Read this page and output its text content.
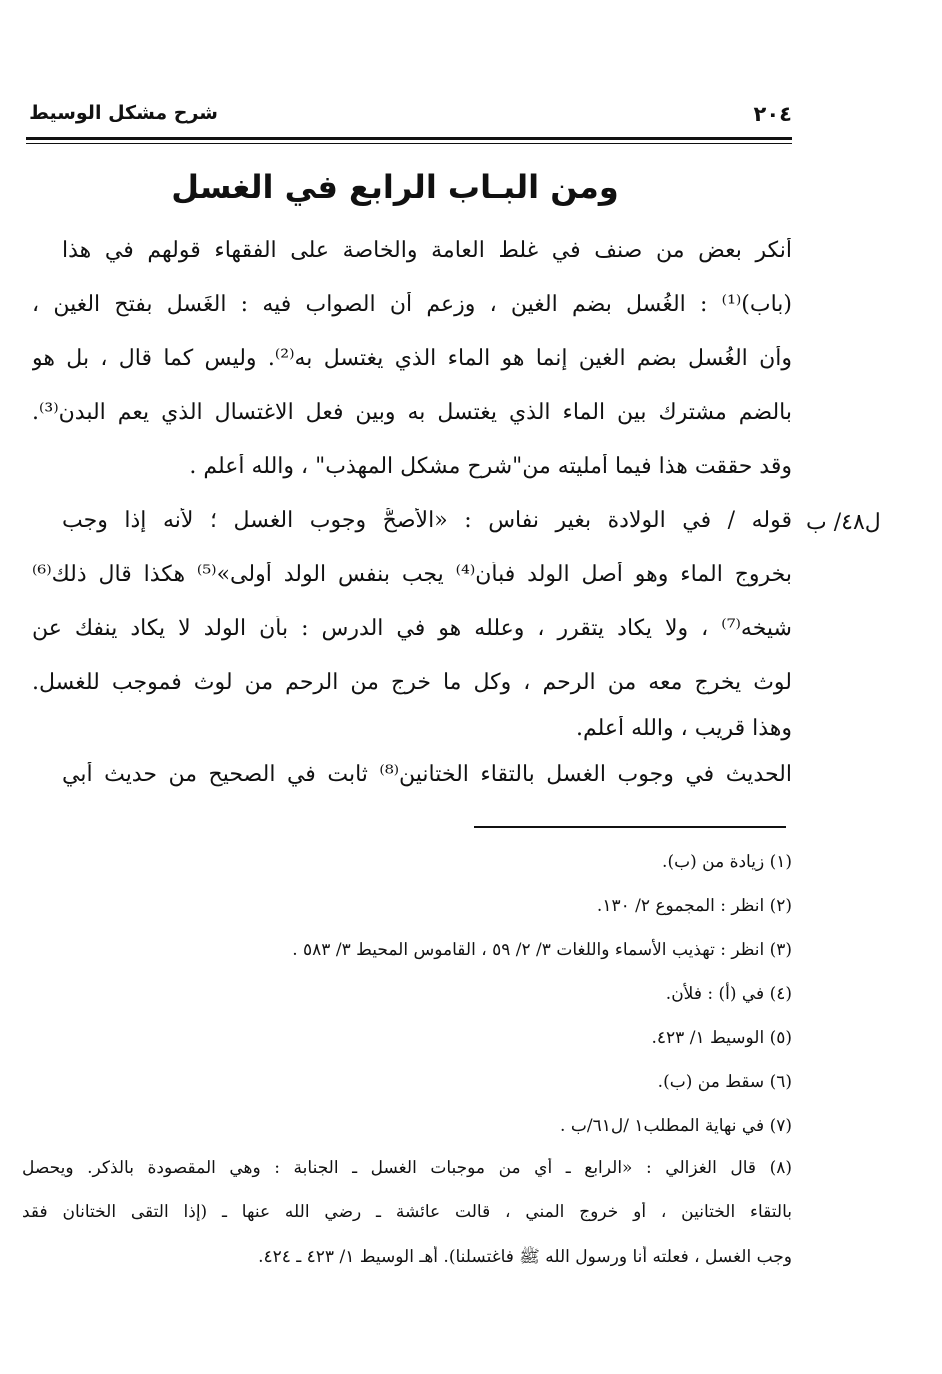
٢٠٤
شرح مشكل الوسيط
ومن البـاب الرابع في الغسل
أنكر بعض من صنف في غلط العامة والخاصة على الفقهاء قولهم في هذا
(باب)⁽¹⁾ : الغُسل بضم الغين ، وزعم أن الصواب فيه : الغَسل بفتح الغين ،
وأن الغُسل بضم الغين إنما هو الماء الذي يغتسل به⁽²⁾. وليس كما قال ، بل هو
بالضم مشترك بين الماء الذي يغتسل به وبين فعل الاغتسال الذي يعم البدن⁽³⁾.
وقد حققت هذا فيما أمليته من"شرح مشكل المهذب" ، والله أعلم .
قوله / في الولادة بغير نفاس : «الأصحُّ وجوب الغسل ؛ لأنه إذا وجب
بخروج الماء وهو أصل الولد فبأن⁽⁴⁾ يجب بنفس الولد أولى»⁽⁵⁾ هكذا قال ذلك⁽⁶⁾
شيخه⁽⁷⁾ ، ولا يكاد يتقرر ، وعلله هو في الدرس : بأن الولد لا يكاد ينفك عن
لوث يخرج معه من الرحم ، وكل ما خرج من الرحم من لوث فموجب للغسل.
وهذا قريب ، والله أعلم.
الحديث في وجوب الغسل بالتقاء الختانين⁽⁸⁾ ثابت في الصحيح من حديث أبي
ل٤٨/ ب
(١) زيادة من (ب).
(٢) انظر : المجموع ٢/ ١٣٠.
(٣) انظر : تهذيب الأسماء واللغات ٣/ ٢/ ٥٩ ، القاموس المحيط ٣/ ٥٨٣ .
(٤) في (أ) : فلأن.
(٥) الوسيط ١/ ٤٢٣.
(٦) سقط من (ب).
(٧) في نهاية المطلب١ /ل٦١/ب .
(٨) قال الغزالي : «الرابع ـ أي من موجبات الغسل ـ الجنابة : وهي المقصودة بالذكر. ويحصل
بالتقاء الختانين ، أو خروج المني ، قالت عائشة ـ رضي الله عنها ـ (إذا التقى الختانان فقد
وجب الغسل ، فعلته أنا ورسول الله ﷺ فاغتسلنا). أهـ الوسيط ١/ ٤٢٣ ـ ٤٢٤.
